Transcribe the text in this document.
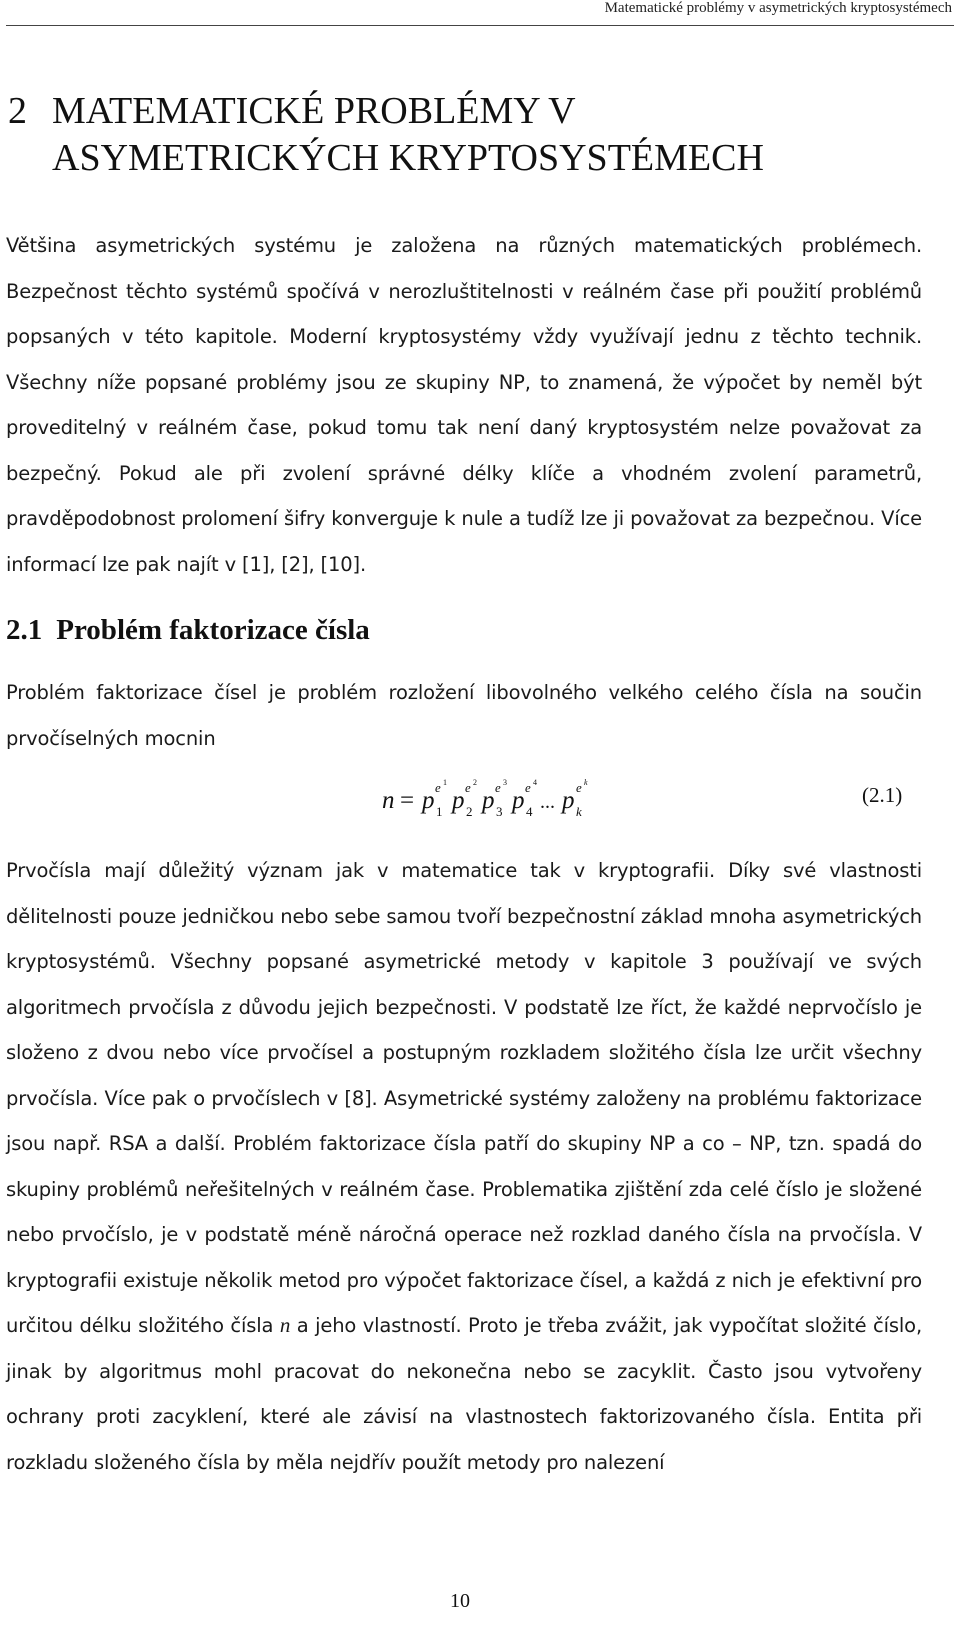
Matematické problémy v asymetrických kryptosystémech
2 MATEMATICKÉ PROBLÉMY V
ASYMETRICKÝCH KRYPTOSYSTÉMECH

Většina asymetrických systému je založena na různých matematických problémech. Bezpečnost těchto systémů spočívá v nerozluštitelnosti v reálném čase při použití problémů popsaných v této kapitole. Moderní kryptosystémy vždy využívají jednu z těchto technik. Všechny níže popsané problémy jsou ze skupiny NP, to znamená, že výpočet by neměl být proveditelný v reálném čase, pokud tomu tak není daný kryptosystém nelze považovat za bezpečný. Pokud ale při zvolení správné délky klíče a vhodném zvolení parametrů, pravděpodobnost prolomení šifry konverguje k nule a tudíž lze ji považovat za bezpečnou. Více informací lze pak najít v [1], [2], [10].

2.1 Problém faktorizace čísla

Problém faktorizace čísel je problém rozložení libovolného velkého celého čísla na součin prvočíselných mocnin

n = p 1
e 1
p 2
e 2
p 3
e 3
p 4
e 4
... p k
e k
(2.1)

Prvočísla mají důležitý význam jak v matematice tak v kryptografii. Díky své vlastnosti dělitelnosti pouze jedničkou nebo sebe samou tvoří bezpečnostní základ mnoha asymetrických kryptosystémů. Všechny popsané asymetrické metody v kapitole 3 používají ve svých algoritmech prvočísla z důvodu jejich bezpečnosti. V podstatě lze říct, že každé neprvočíslo je složeno z dvou nebo více prvočísel a postupným rozkladem složitého čísla lze určit všechny prvočísla. Více pak o prvočíslech v [8]. Asymetrické systémy založeny na problému faktorizace jsou např. RSA a další. Problém faktorizace čísla patří do skupiny NP a co – NP, tzn. spadá do skupiny problémů neřešitelných v reálném čase. Problematika zjištění zda celé číslo je složené nebo prvočíslo, je v podstatě méně náročná operace než rozklad daného čísla na prvočísla. V kryptografii existuje několik metod pro výpočet faktorizace čísel, a každá z nich je efektivní pro určitou délku složitého čísla n a jeho vlastností. Proto je třeba zvážit, jak vypočítat složité číslo, jinak by algoritmus mohl pracovat do nekonečna nebo se zacyklit. Často jsou vytvořeny ochrany proti zacyklení, které ale závisí na vlastnostech faktorizovaného čísla. Entita při rozkladu složeného čísla by měla nejdřív použít metody pro nalezení

10
